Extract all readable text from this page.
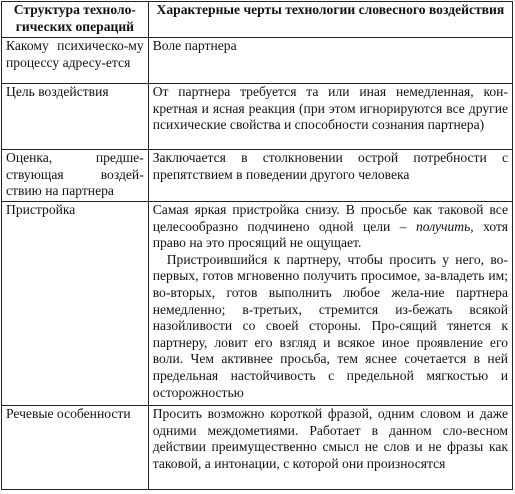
Структура техноло-гических операций	Характерные черты технологии словесного воздействия
Какому психическо-му процессу адресу-ется	Воле партнера
Цель воздействия	От партнера требуется та или иная немедленная, кон-кретная и ясная реакция (при этом игнорируются все другие психические свойства и способности сознания партнера)
Оценка, предше-ствующая воздей-ствию на партнера	Заключается в столкновении острой потребности с препятствием в поведении другого человека
Пристройка	Самая яркая пристройка снизу. В просьбе как таковой все целесообразно подчинено одной цели – получить, хотя право на это просящий не ощущает.

Пристроившийся к партнеру, чтобы просить у него, во-первых, готов мгновенно получить просимое, за-владеть им; во-вторых, готов выполнить любое жела-ние партнера немедленно; в-третьих, стремится из-бежать всякой назойливости со своей стороны. Про-сящий тянется к партнеру, ловит его взгляд и всякое иное проявление его воли. Чем активнее просьба, тем яснее сочетается в ней предельная настойчивость с предельной мягкостью и осторожностью

Речевые особенности	Просить возможно короткой фразой, одним словом и даже одними междометиями. Работает в данном сло-весном действии преимущественно смысл не слов и не фразы как таковой, а интонации, с которой они произносятся
